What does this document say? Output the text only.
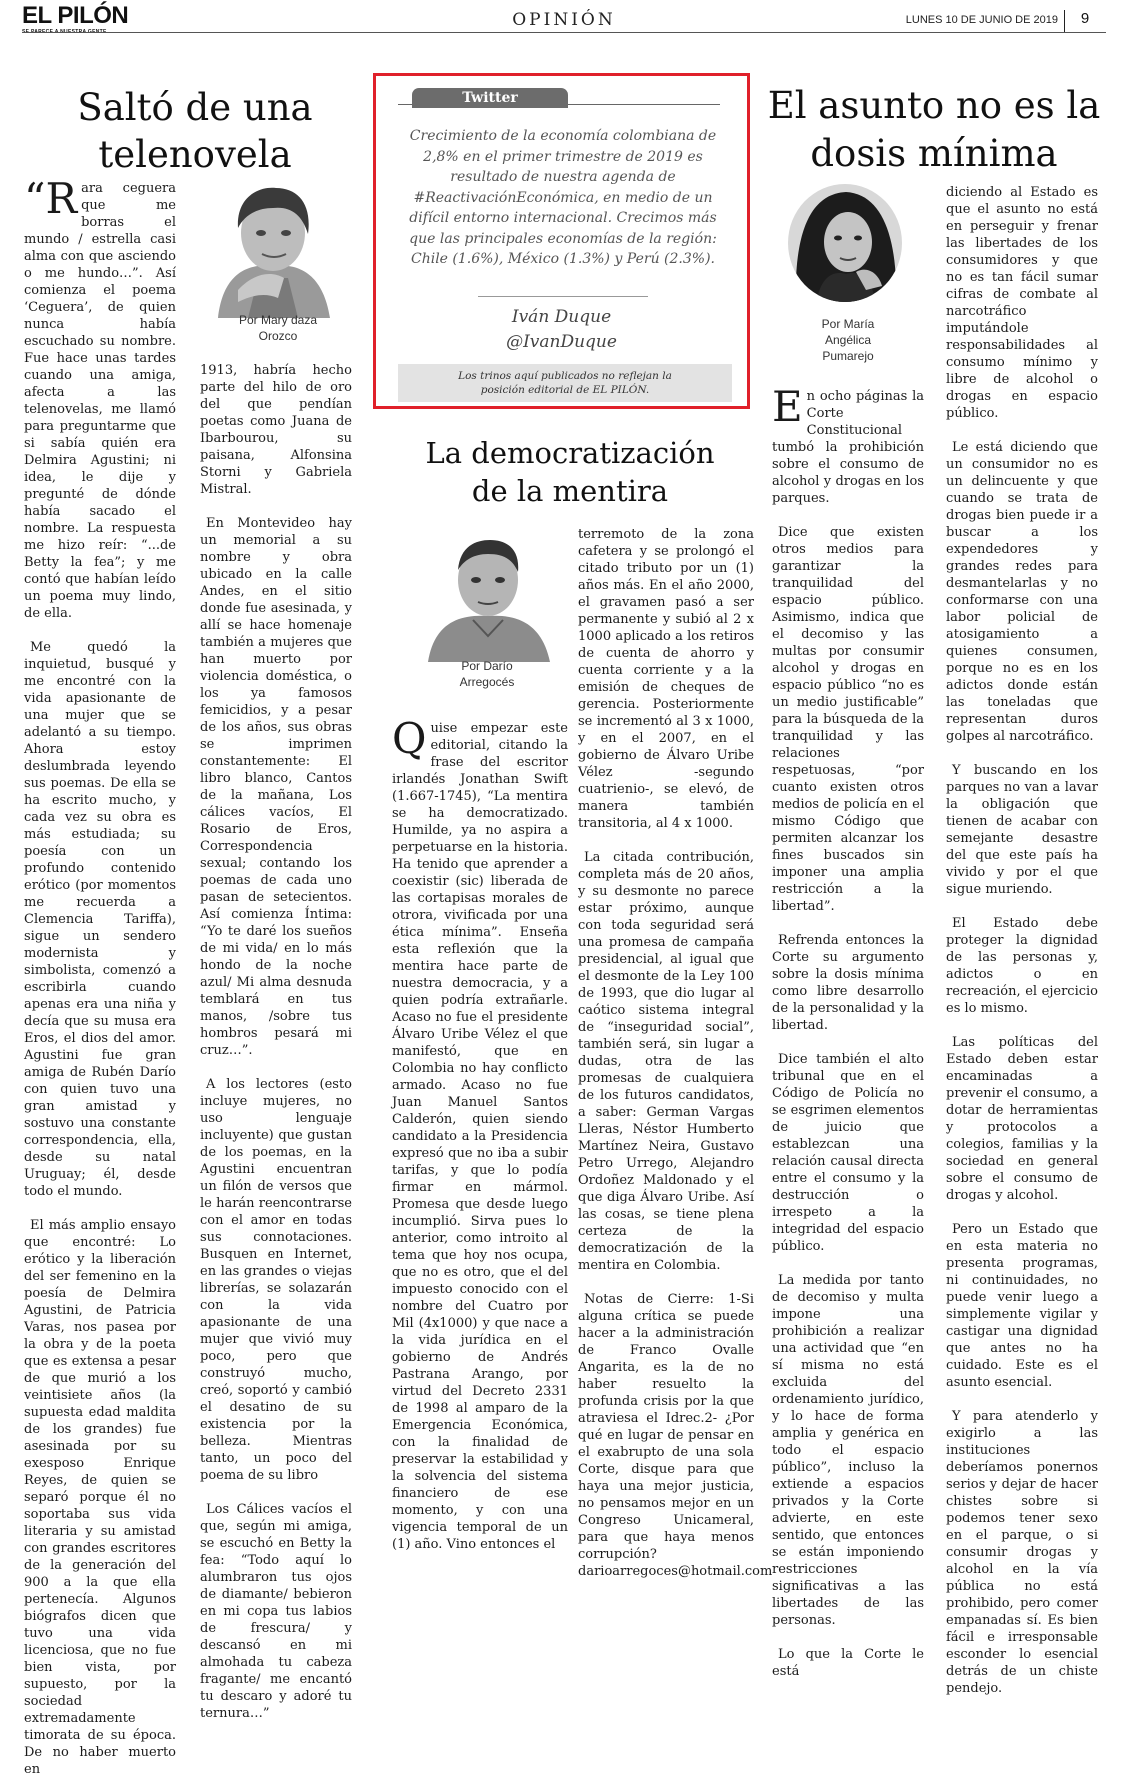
EL PILÓN	OPINIÓN	LUNES 10 DE JUNIO DE 2019	9
Saltó de una
telenovela
Por Mary daza
Orozco

“Rara ceguera que me borras el mundo / estrella casi alma con que asciendo o me hundo…”. Así comienza el poema ‘Ceguera’, de quien nunca había escuchado su nombre. Fue hace unas tardes cuando una amiga, afecta a las telenovelas, me llamó para preguntarme que si sabía quién era Delmira Agustini; ni idea, le dije y pregunté de dónde había sacado el nombre. La respuesta me hizo reír: “...de Betty la fea”; y me contó que habían leído un poema muy lindo, de ella.

Me quedó la inquietud, busqué y me encontré con la vida apasionante de una mujer que se adelantó a su tiempo. Ahora estoy deslumbrada leyendo sus poemas. De ella se ha escrito mucho, y cada vez su obra es más estudiada; su poesía con un profundo contenido erótico (por momentos me recuerda a Clemencia Tariffa), sigue un sendero modernista y simbolista, comenzó a escribirla cuando apenas era una niña y decía que su musa era Eros, el dios del amor. Agustini fue gran amiga de Rubén Darío con quien tuvo una gran amistad y sostuvo una constante correspondencia, ella, desde su natal Uruguay; él, desde todo el mundo.

El más amplio ensayo que encontré: Lo erótico y la liberación del ser femenino en la poesía de Delmira Agustini, de Patricia Varas, nos pasea por la obra y de la poeta que es extensa a pesar de que murió a los veintisiete años (la supuesta edad maldita de los grandes) fue asesinada por su exesposo Enrique Reyes, de quien se separó porque él no soportaba sus vida literaria y su amistad con grandes escritores de la generación del 900 a la que ella pertenecía. Algunos biógrafos dicen que tuvo una vida licenciosa, que no fue bien vista, por supuesto, por la sociedad extremadamente timorata de su época. De no haber muerto en

1913, habría hecho parte del hilo de oro del que pendían poetas como Juana de Ibarbourou, su paisana, Alfonsina Storni y Gabriela Mistral.

En Montevideo hay un memorial a su nombre y obra ubicado en la calle Andes, en el sitio donde fue asesinada, y allí se hace homenaje también a mujeres que han muerto por violencia doméstica, o los ya famosos femicidios, y a pesar de los años, sus obras se imprimen constantemente: El libro blanco, Cantos de la mañana, Los cálices vacíos, El Rosario de Eros, Correspondencia sexual; contando los poemas de cada uno pasan de setecientos. Así comienza Íntima: “Yo te daré los sueños de mi vida/ en lo más hondo de la noche azul/ Mi alma desnuda temblará en tus manos, /sobre tus hombros pesará mi cruz…”.

A los lectores (esto incluye mujeres, no uso lenguaje incluyente) que gustan de los poemas, en la Agustini encuentran un filón de versos que le harán reencontrarse con el amor en todas sus connotaciones. Busquen en Internet, en las grandes o viejas librerías, se solazarán con la vida apasionante de una mujer que vivió muy poco, pero que construyó mucho, creó, soportó y cambió el desatino de su existencia por la belleza. Mientras tanto, un poco del poema de su libro

Los Cálices vacíos el que, según mi amiga, se escuchó en Betty la fea: “Todo aquí lo alumbraron tus ojos de diamante/ bebieron en mi copa tus labios de frescura/ y descansó en mi almohada tu cabeza fragante/ me encantó tu descaro y adoré tu ternura…”

Twitter
Crecimiento de la economía colombiana de 2,8% en el primer trimestre de 2019 es resultado de nuestra agenda de #ReactivaciónEconómica, en medio de un difícil entorno internacional. Crecimos más que las principales economías de la región: Chile (1.6%), México (1.3%) y Perú (2.3%).
Iván Duque
@IvanDuque
Los trinos aquí publicados no reflejan la posición editorial de EL PILÓN.
La democratización
de la mentira
Por Darío
Arregocés

Quise empezar este editorial, citando la frase del escritor irlandés Jonathan Swift (1.667-1745), “La mentira se ha democratizado. Humilde, ya no aspira a perpetuarse en la historia. Ha tenido que aprender a coexistir (sic) liberada de las cortapisas morales de otrora, vivificada por una ética mínima”. Enseña esta reflexión que la mentira hace parte de nuestra democracia, y a quien podría extrañarle. Acaso no fue el presidente Álvaro Uribe Vélez el que manifestó, que en Colombia no hay conflicto armado. Acaso no fue Juan Manuel Santos Calderón, quien siendo candidato a la Presidencia expresó que no iba a subir tarifas, y que lo podía firmar en mármol. Promesa que desde luego incumplió. Sirva pues lo anterior, como introito al tema que hoy nos ocupa, que no es otro, que el del impuesto conocido con el nombre del Cuatro por Mil (4x1000) y que nace a la vida jurídica en el gobierno de Andrés Pastrana Arango, por virtud del Decreto 2331 de 1998 al amparo de la Emergencia Económica, con la finalidad de preservar la estabilidad y la solvencia del sistema financiero de ese momento, y con una vigencia temporal de un (1) año. Vino entonces el

terremoto de la zona cafetera y se prolongó el citado tributo por un (1) años más. En el año 2000, el gravamen pasó a ser permanente y subió al 2 x 1000 aplicado a los retiros de cuenta de ahorro y cuenta corriente y a la emisión de cheques de gerencia. Posteriormente se incrementó al 3 x 1000, y en el 2007, en el gobierno de Álvaro Uribe Vélez -segundo cuatrienio-, se elevó, de manera también transitoria, al 4 x 1000.

La citada contribución, completa más de 20 años, y su desmonte no parece estar próximo, aunque con toda seguridad será una promesa de campaña presidencial, al igual que el desmonte de la Ley 100 de 1993, que dio lugar al caótico sistema integral de “inseguridad social”, también será, sin lugar a dudas, otra de las promesas de cualquiera de los futuros candidatos, a saber: German Vargas Lleras, Néstor Humberto Martínez Neira, Gustavo Petro Urrego, Alejandro Ordoñez Maldonado y el que diga Álvaro Uribe. Así las cosas, se tiene plena certeza de la democratización de la mentira en Colombia.

Notas de Cierre: 1-Si alguna crítica se puede hacer a la administración de Franco Ovalle Angarita, es la de no haber resuelto la profunda crisis por la que atraviesa el Idrec.2- ¿Por qué en lugar de pensar en el exabrupto de una sola Corte, disque para que haya una mejor justicia, no pensamos mejor en un Congreso Unicameral, para que haya menos corrupción? darioarregoces@hotmail.com

El asunto no es la
dosis mínima
Por María
Angélica
Pumarejo

En ocho páginas la Corte Constitucional tumbó la prohibición sobre el consumo de alcohol y drogas en los parques.

Dice que existen otros medios para garantizar la tranquilidad del espacio público. Asimismo, indica que el decomiso y las multas por consumir alcohol y drogas en espacio público “no es un medio justificable” para la búsqueda de la tranquilidad y las relaciones respetuosas, “por cuanto existen otros medios de policía en el mismo Código que permiten alcanzar los fines buscados sin imponer una amplia restricción a la libertad”.

Refrenda entonces la Corte su argumento sobre la dosis mínima como libre desarrollo de la personalidad y la libertad.

Dice también el alto tribunal que en el Código de Policía no se esgrimen elementos de juicio que establezcan una relación causal directa entre el consumo y la destrucción o irrespeto a la integridad del espacio público.

La medida por tanto de decomiso y multa impone una prohibición a realizar una actividad que “en sí misma no está excluida del ordenamiento jurídico, y lo hace de forma amplia y genérica en todo el espacio público”, incluso la extiende a espacios privados y la Corte advierte, en este sentido, que entonces se están imponiendo restricciones significativas a las libertades de las personas.

Lo que la Corte le está

diciendo al Estado es que el asunto no está en perseguir y frenar las libertades de los consumidores y que no es tan fácil sumar cifras de combate al narcotráfico imputándole responsabilidades al consumo mínimo y libre de alcohol o drogas en espacio público.

Le está diciendo que un consumidor no es un delincuente y que cuando se trata de drogas bien puede ir a buscar a los expendedores y grandes redes para desmantelarlas y no conformarse con una labor policial de atosigamiento a quienes consumen, porque no es en los adictos donde están las toneladas que representan duros golpes al narcotráfico.

Y buscando en los parques no van a lavar la obligación que tienen de acabar con semejante desastre del que este país ha vivido y por el que sigue muriendo.

El Estado debe proteger la dignidad de las personas y, adictos o en recreación, el ejercicio es lo mismo.

Las políticas del Estado deben estar encaminadas a prevenir el consumo, a dotar de herramientas y protocolos a colegios, familias y la sociedad en general sobre el consumo de drogas y alcohol.

Pero un Estado que en esta materia no presenta programas, ni continuidades, no puede venir luego a simplemente vigilar y castigar una dignidad que antes no ha cuidado. Este es el asunto esencial.

Y para atenderlo y exigirlo a las instituciones deberíamos ponernos serios y dejar de hacer chistes sobre si podemos tener sexo en el parque, o si consumir drogas y alcohol en la vía pública no está prohibido, pero comer empanadas sí. Es bien fácil e irresponsable esconder lo esencial detrás de un chiste pendejo.
